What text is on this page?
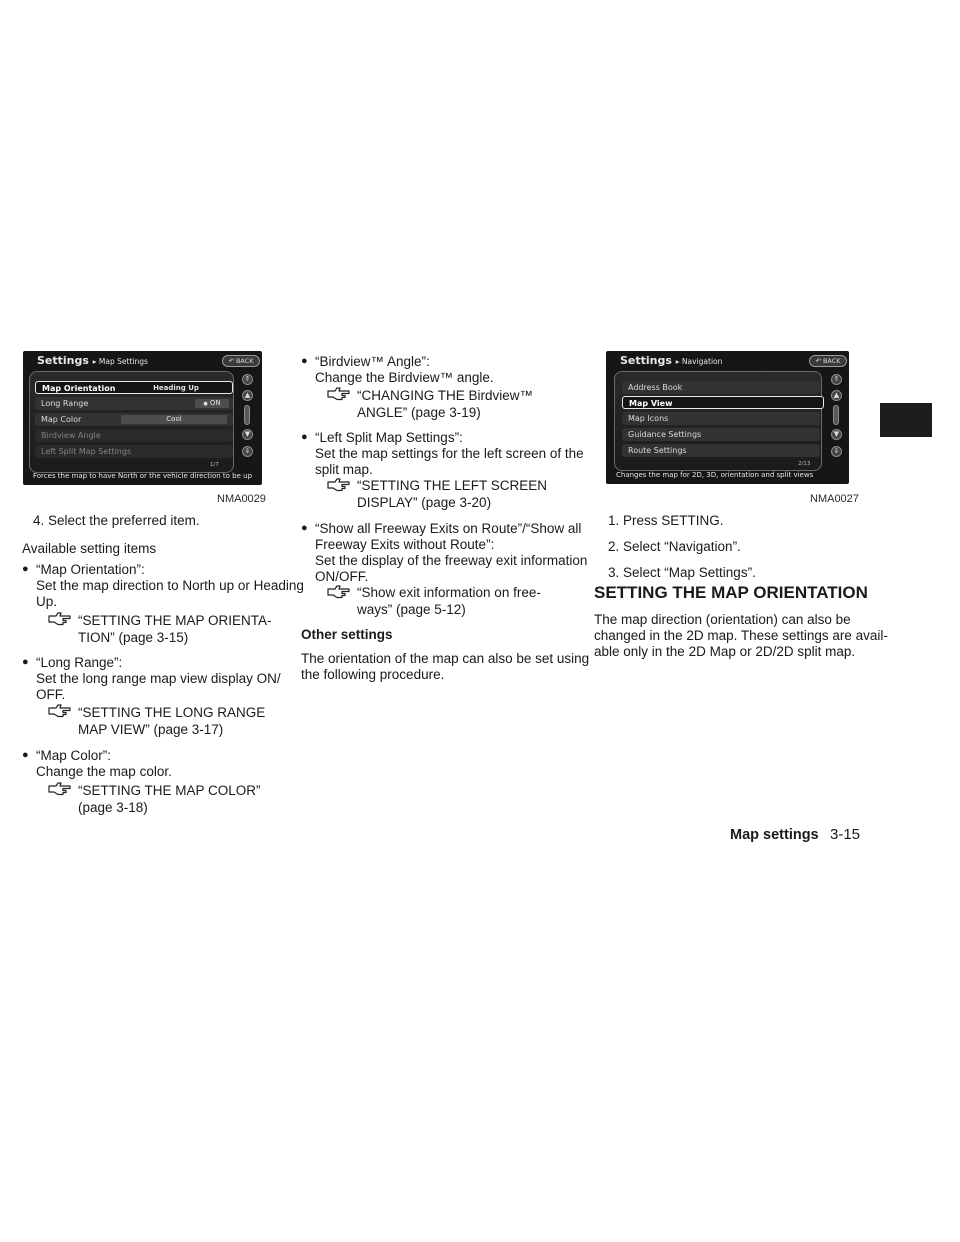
Settings ▸ Map Settings	↶ BACK
Map Orientation	Heading Up
Long Range	● ON
Map Color	Cool
Birdview Angle
Left Split Map Settings
⇑
▲
▼
⇓
1/7
Forces the map to have North or the vehicle direction to be up
NMA0029
Settings ▸ Navigation	↶ BACK
Address Book
Map View
Map Icons
Guidance Settings
Route Settings
⇑
▲
▼
⇓
2/13
Changes the map for 2D, 3D, orientation and split views
NMA0027
4. Select the preferred item.
Available setting items
● “Map Orientation”:
Set the map direction to North up or Heading
Up.
“SETTING THE MAP ORIENTA-
TION” (page 3-15)
● “Long Range”:
Set the long range map view display ON/
OFF.
“SETTING THE LONG RANGE
MAP VIEW” (page 3-17)
● “Map Color”:
Change the map color.
“SETTING THE MAP COLOR”
(page 3-18)
● “Birdview™ Angle”:
Change the Birdview™ angle.
“CHANGING THE Birdview™
ANGLE” (page 3-19)
● “Left Split Map Settings”:
Set the map settings for the left screen of the
split map.
“SETTING THE LEFT SCREEN
DISPLAY” (page 3-20)
● “Show all Freeway Exits on Route”/“Show all
Freeway Exits without Route”:
Set the display of the freeway exit information
ON/OFF.
“Show exit information on free-
ways” (page 5-12)
Other settings
The orientation of the map can also be set using
the following procedure.
1. Press SETTING.
2. Select “Navigation”.
3. Select “Map Settings”.
SETTING THE MAP ORIENTATION
The map direction (orientation) can also be
changed in the 2D map. These settings are avail-
able only in the 2D Map or 2D/2D split map.
Map settings 3-15
